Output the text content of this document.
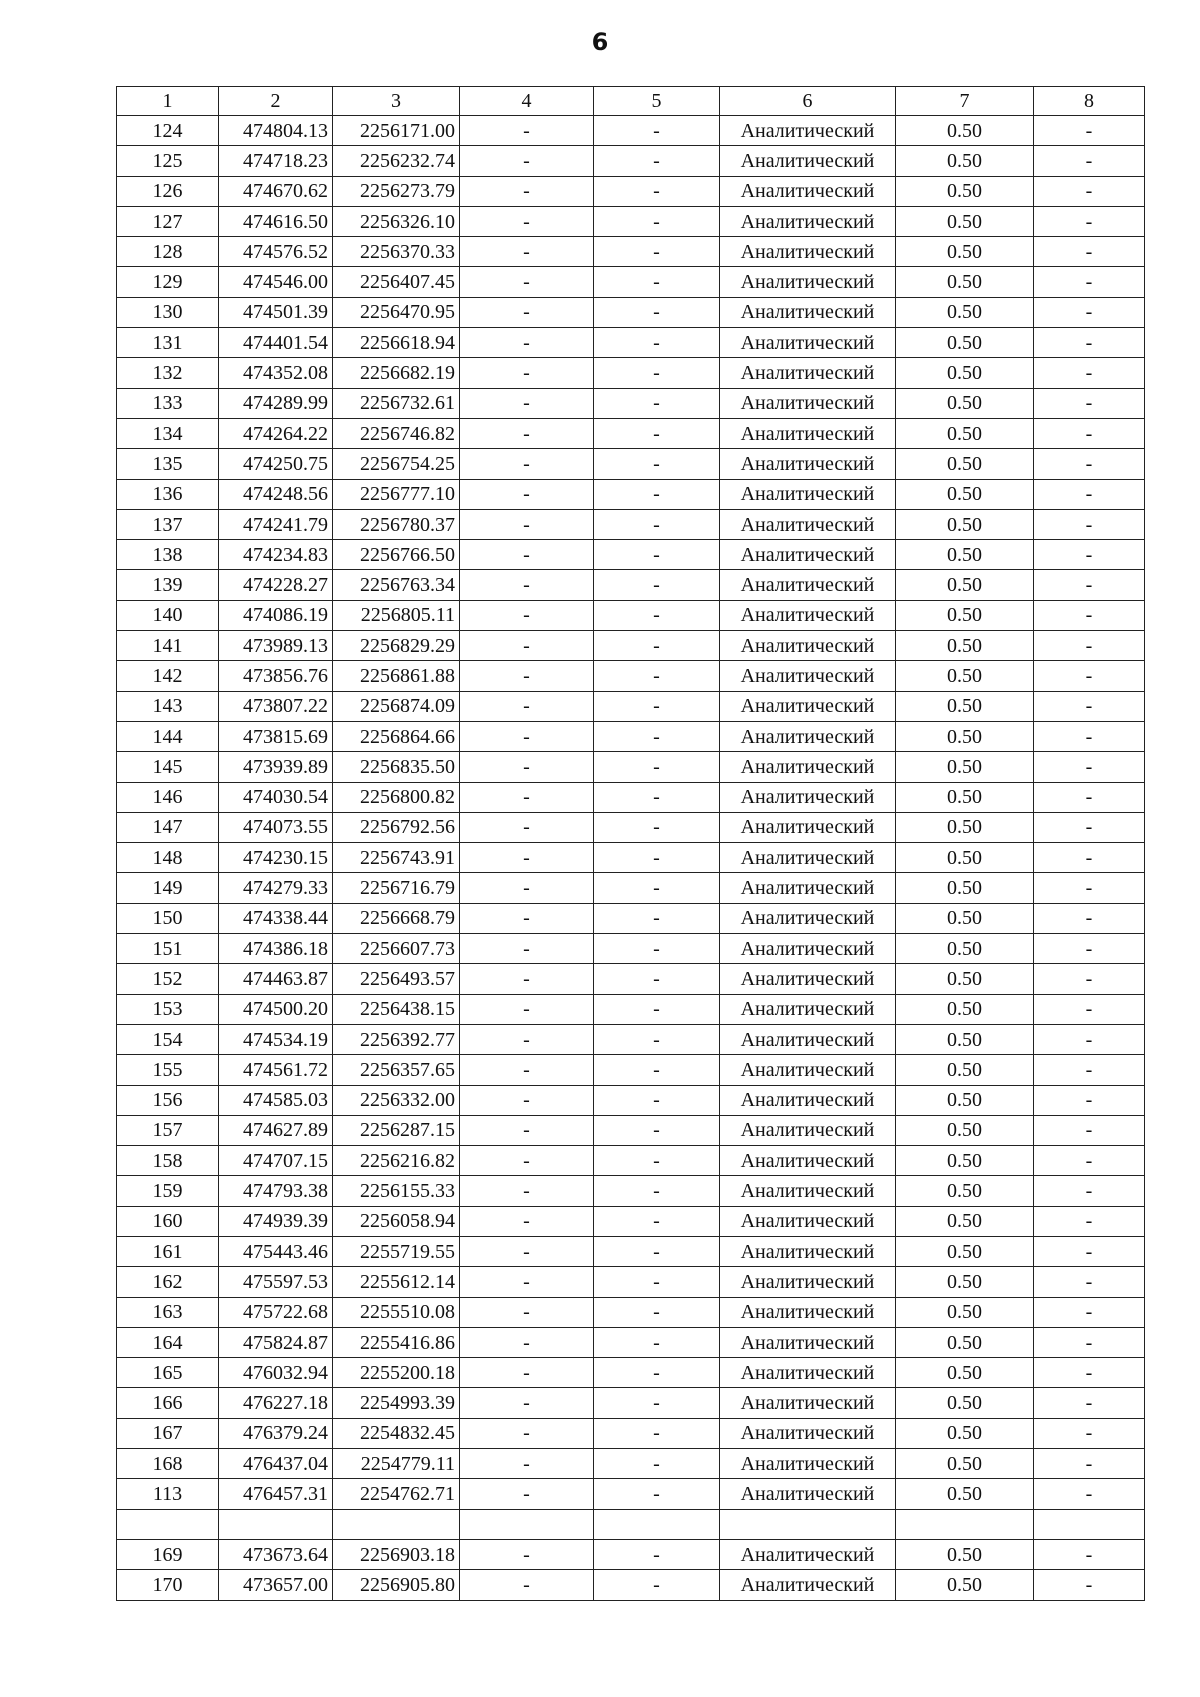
6
1	2	3	4	5	6	7	8
124	474804.13	2256171.00	-	-	Аналитический	0.50	-
125	474718.23	2256232.74	-	-	Аналитический	0.50	-
126	474670.62	2256273.79	-	-	Аналитический	0.50	-
127	474616.50	2256326.10	-	-	Аналитический	0.50	-
128	474576.52	2256370.33	-	-	Аналитический	0.50	-
129	474546.00	2256407.45	-	-	Аналитический	0.50	-
130	474501.39	2256470.95	-	-	Аналитический	0.50	-
131	474401.54	2256618.94	-	-	Аналитический	0.50	-
132	474352.08	2256682.19	-	-	Аналитический	0.50	-
133	474289.99	2256732.61	-	-	Аналитический	0.50	-
134	474264.22	2256746.82	-	-	Аналитический	0.50	-
135	474250.75	2256754.25	-	-	Аналитический	0.50	-
136	474248.56	2256777.10	-	-	Аналитический	0.50	-
137	474241.79	2256780.37	-	-	Аналитический	0.50	-
138	474234.83	2256766.50	-	-	Аналитический	0.50	-
139	474228.27	2256763.34	-	-	Аналитический	0.50	-
140	474086.19	2256805.11	-	-	Аналитический	0.50	-
141	473989.13	2256829.29	-	-	Аналитический	0.50	-
142	473856.76	2256861.88	-	-	Аналитический	0.50	-
143	473807.22	2256874.09	-	-	Аналитический	0.50	-
144	473815.69	2256864.66	-	-	Аналитический	0.50	-
145	473939.89	2256835.50	-	-	Аналитический	0.50	-
146	474030.54	2256800.82	-	-	Аналитический	0.50	-
147	474073.55	2256792.56	-	-	Аналитический	0.50	-
148	474230.15	2256743.91	-	-	Аналитический	0.50	-
149	474279.33	2256716.79	-	-	Аналитический	0.50	-
150	474338.44	2256668.79	-	-	Аналитический	0.50	-
151	474386.18	2256607.73	-	-	Аналитический	0.50	-
152	474463.87	2256493.57	-	-	Аналитический	0.50	-
153	474500.20	2256438.15	-	-	Аналитический	0.50	-
154	474534.19	2256392.77	-	-	Аналитический	0.50	-
155	474561.72	2256357.65	-	-	Аналитический	0.50	-
156	474585.03	2256332.00	-	-	Аналитический	0.50	-
157	474627.89	2256287.15	-	-	Аналитический	0.50	-
158	474707.15	2256216.82	-	-	Аналитический	0.50	-
159	474793.38	2256155.33	-	-	Аналитический	0.50	-
160	474939.39	2256058.94	-	-	Аналитический	0.50	-
161	475443.46	2255719.55	-	-	Аналитический	0.50	-
162	475597.53	2255612.14	-	-	Аналитический	0.50	-
163	475722.68	2255510.08	-	-	Аналитический	0.50	-
164	475824.87	2255416.86	-	-	Аналитический	0.50	-
165	476032.94	2255200.18	-	-	Аналитический	0.50	-
166	476227.18	2254993.39	-	-	Аналитический	0.50	-
167	476379.24	2254832.45	-	-	Аналитический	0.50	-
168	476437.04	2254779.11	-	-	Аналитический	0.50	-
113	476457.31	2254762.71	-	-	Аналитический	0.50	-

169	473673.64	2256903.18	-	-	Аналитический	0.50	-
170	473657.00	2256905.80	-	-	Аналитический	0.50	-
